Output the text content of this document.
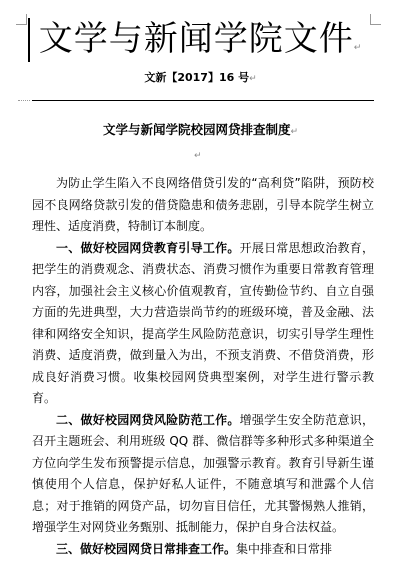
文学与新闻学院文件↵
文新【2017】16 号↵
文学与新闻学院校园网贷排查制度↵
↵

为防止学生陷入不良网络借贷引发的“高利贷”陷阱，预防校园不良网络贷款引发的借贷隐患和债务悲剧，引导本院学生树立理性、适度消费，特制订本制度。

一、做好校园网贷教育引导工作。开展日常思想政治教育，把学生的消费观念、消费状态、消费习惯作为重要日常教育管理内容，加强社会主义核心价值观教育，宣传勤俭节约、自立自强方面的先进典型，大力营造崇尚节约的班级环境，普及金融、法律和网络安全知识，提高学生风险防范意识，切实引导学生理性消费、适度消费，做到量入为出，不预支消费、不借贷消费，形成良好消费习惯。收集校园网贷典型案例，对学生进行警示教育。

二、做好校园网贷风险防范工作。增强学生安全防范意识，召开主题班会、利用班级 QQ 群、微信群等多种形式多种渠道全方位向学生发布预警提示信息，加强警示教育。教育引导新生谨慎使用个人信息，保护好私人证件，不随意填写和泄露个人信息；对于推销的网贷产品，切勿盲目信任，尤其警惕熟人推销，增强学生对网贷业务甄别、抵制能力，保护自身合法权益。

三、做好校园网贷日常排查工作。集中排查和日常排
